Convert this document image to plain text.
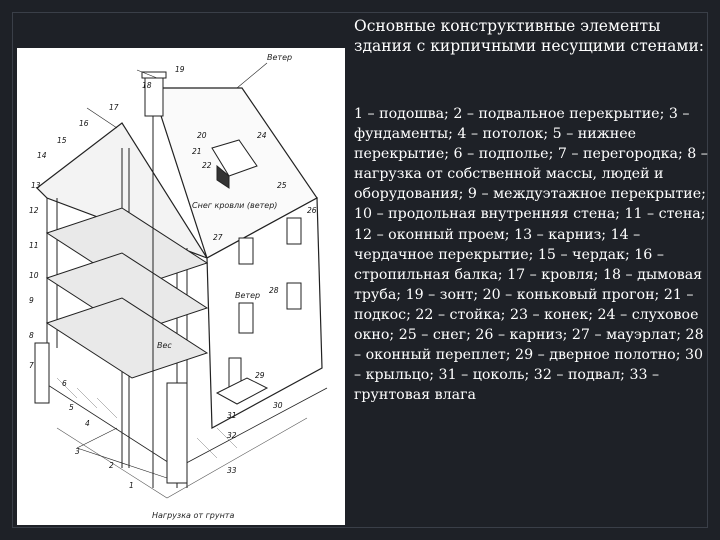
Основные конструктивные элементы здания с кирпичными несущими стенами:

1 – подошва; 2 – подвальное перекрытие; 3 – фундаменты; 4 – потолок; 5 – нижнее перекрытие; 6 – подполье; 7 – перегородка; 8 – нагрузка от собственной массы, людей и оборудования; 9 – междуэтажное перекрытие; 10 – продольная внутренняя стена; 11 – стена; 12 – оконный проем; 13 – карниз; 14 – чердачное перекрытие; 15 – чердак; 16 – стропильная балка; 17 – кровля; 18 – дымовая труба; 19 – зонт; 20 – коньковый прогон; 21 – подкос; 22 – стойка; 23 – конек; 24 – слуховое окно; 25 – снег; 26 – карниз; 27 – мауэрлат; 28 – оконный переплет; 29 – дверное полотно; 30 – крыльцо; 31 – цоколь; 32 – подвал; 33 – грунтовая влага

Ветер
Снег кровли (ветер)
Ветер
Нагрузка от грунта
Вес
19
18
17
16
15
14
13
12
11
10
9
8
7
6
5
4
3
2
1
20
21
22
24
25
26
27
28
29
30
31
32
33
